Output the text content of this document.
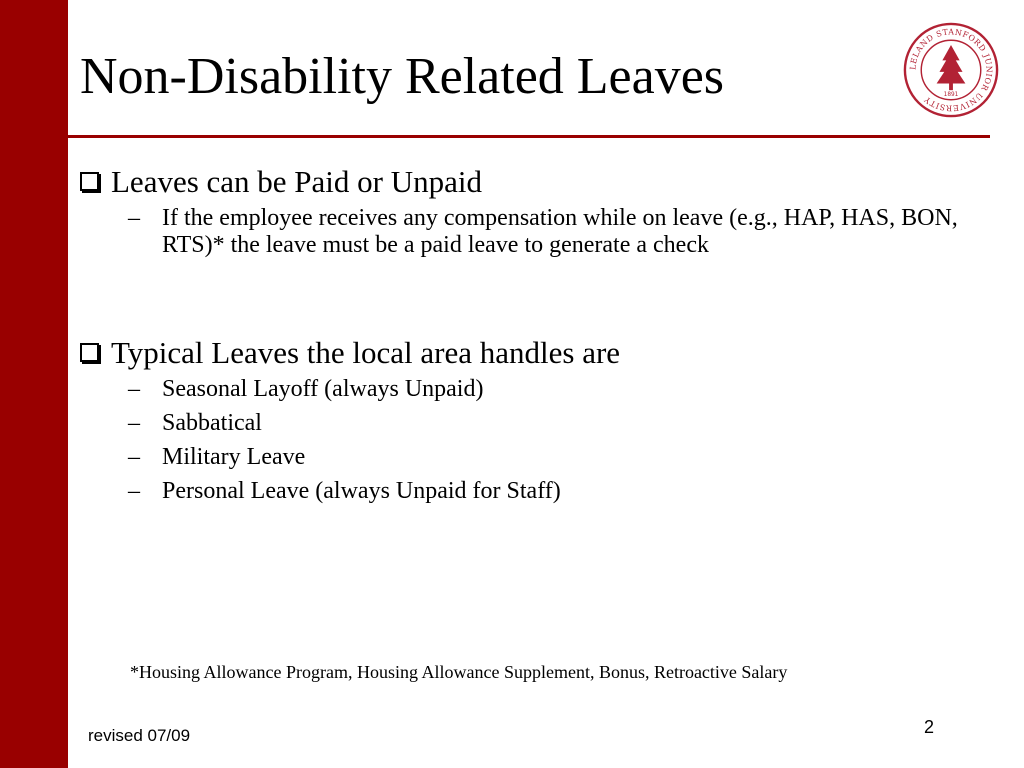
Non-Disability Related Leaves	LELAND STANFORD JUNIOR UNIVERSITY	1891
Leaves can be Paid or Unpaid
– If the employee receives any compensation while on leave (e.g., HAP, HAS, BON, RTS)* the leave must be a paid leave to generate a check
Typical Leaves the local area handles are
– Seasonal Layoff (always Unpaid)
– Sabbatical
– Military Leave
– Personal Leave (always Unpaid for Staff)
*Housing Allowance Program, Housing Allowance Supplement, Bonus, Retroactive Salary
revised 07/09	2
